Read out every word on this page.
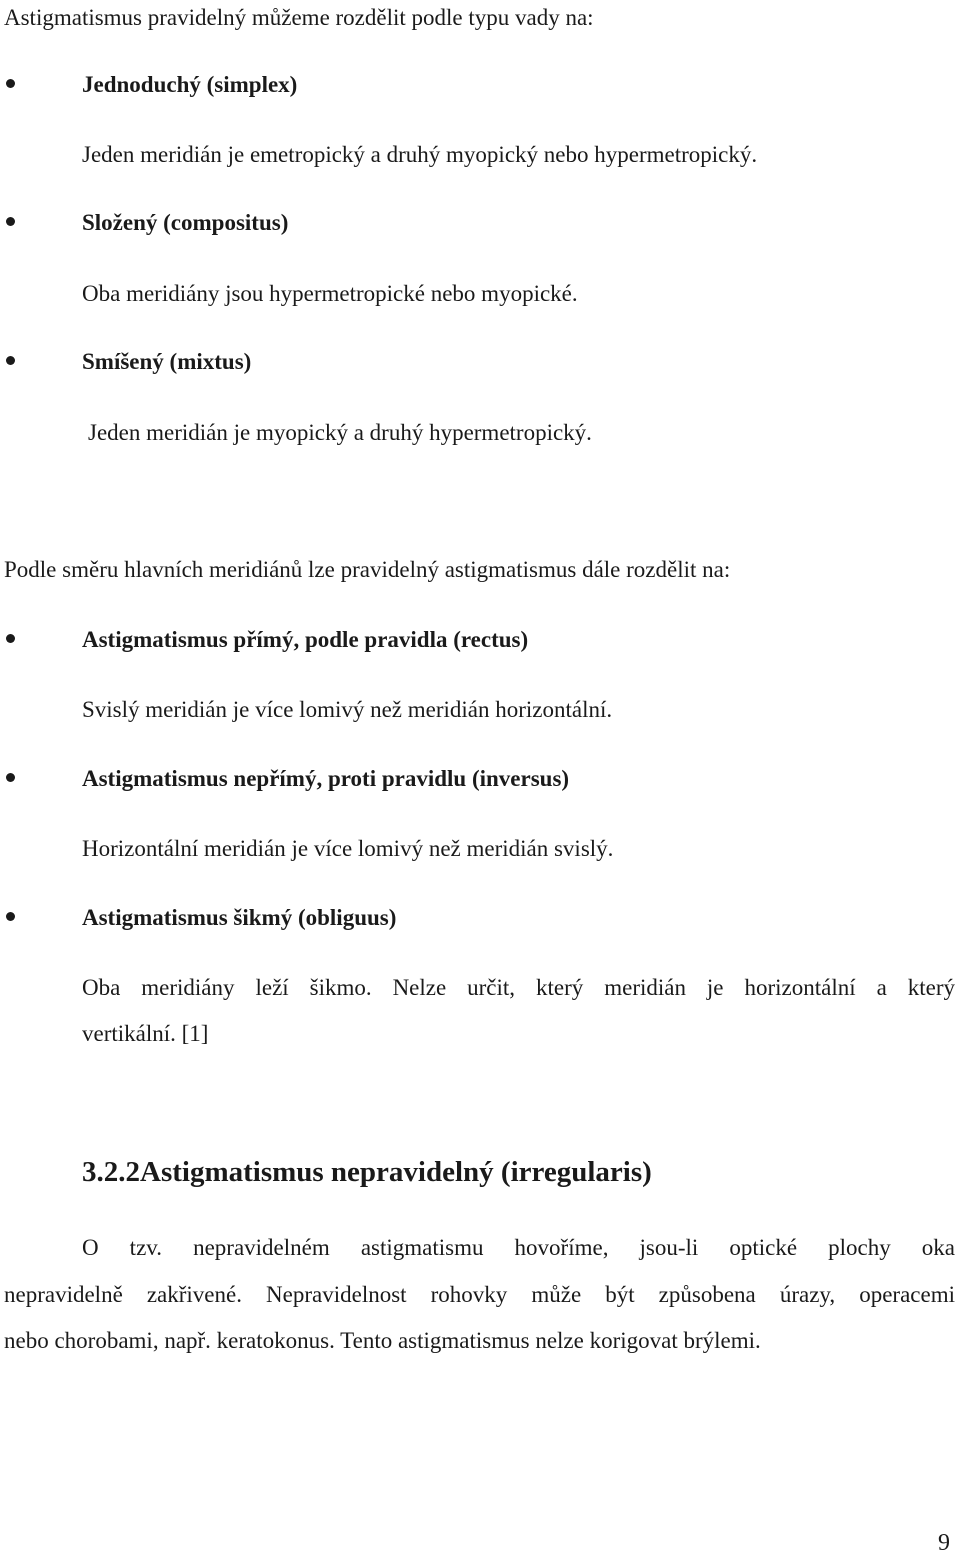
Astigmatismus pravidelný můžeme rozdělit podle typu vady na:
Jednoduchý (simplex)
Jeden meridián je emetropický a druhý myopický nebo hypermetropický.
Složený (compositus)
Oba meridiány jsou hypermetropické nebo myopické.
Smíšený (mixtus)
Jeden meridián je myopický a druhý hypermetropický.
Podle směru hlavních meridiánů lze pravidelný astigmatismus dále rozdělit na:
Astigmatismus přímý, podle pravidla (rectus)
Svislý meridián je více lomivý než meridián horizontální.
Astigmatismus nepřímý, proti pravidlu (inversus)
Horizontální meridián je více lomivý než meridián svislý.
Astigmatismus šikmý (obliguus)
Oba meridiány leží šikmo. Nelze určit, který meridián je horizontální a který
vertikální. [1]
3.2.2Astigmatismus nepravidelný (irregularis)
O tzv. nepravidelném astigmatismu hovoříme, jsou-li optické plochy oka
nepravidelně zakřivené. Nepravidelnost rohovky může být způsobena úrazy, operacemi
nebo chorobami, např. keratokonus. Tento astigmatismus nelze korigovat brýlemi.
9
